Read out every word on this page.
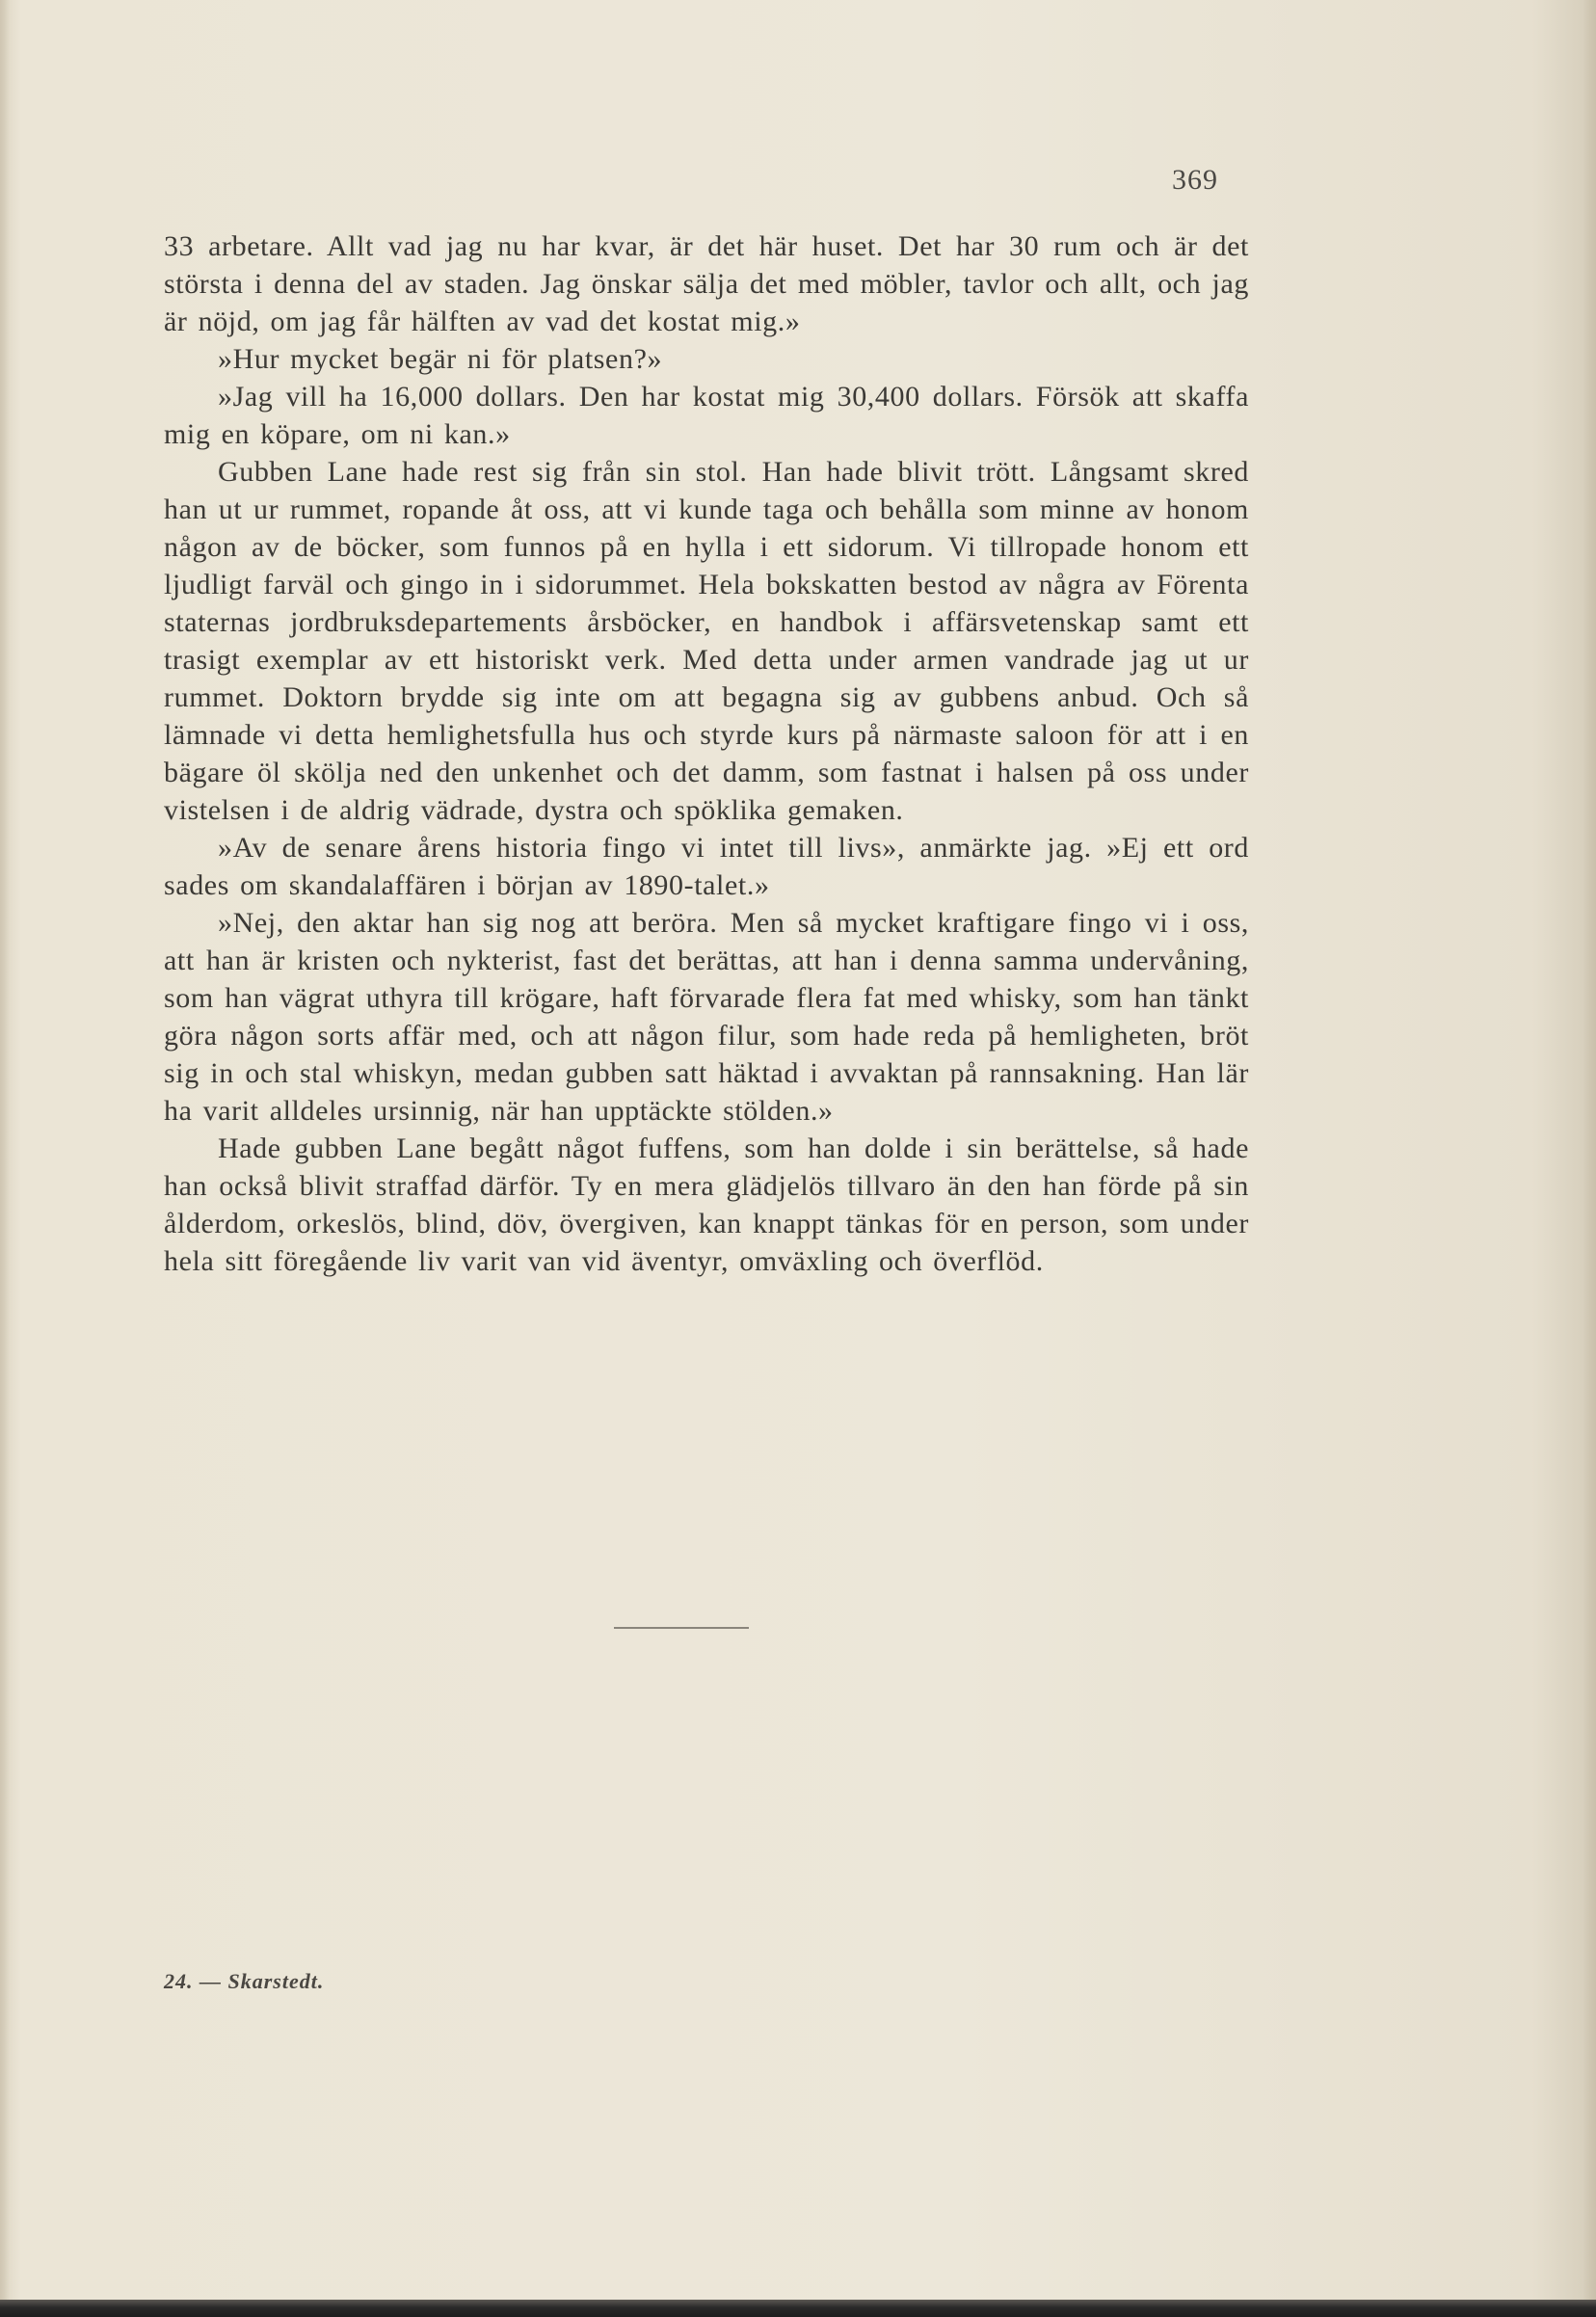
369

33 arbetare. Allt vad jag nu har kvar, är det här huset. Det har 30 rum och är det största i denna del av staden. Jag önskar sälja det med möbler, tavlor och allt, och jag är nöjd, om jag får hälften av vad det kostat mig.»

»Hur mycket begär ni för platsen?»

»Jag vill ha 16,000 dollars. Den har kostat mig 30,400 dollars. Försök att skaffa mig en köpare, om ni kan.»

Gubben Lane hade rest sig från sin stol. Han hade blivit trött. Långsamt skred han ut ur rummet, ropande åt oss, att vi kunde taga och behålla som minne av honom någon av de böcker, som funnos på en hylla i ett sidorum. Vi tillropade honom ett ljudligt farväl och gingo in i sidorummet. Hela bokskatten bestod av några av Förenta staternas jordbruksdepartements årsböcker, en handbok i affärsvetenskap samt ett trasigt exemplar av ett historiskt verk. Med detta under armen vandrade jag ut ur rummet. Doktorn brydde sig inte om att begagna sig av gubbens anbud. Och så lämnade vi detta hemlighetsfulla hus och styrde kurs på närmaste saloon för att i en bägare öl skölja ned den unkenhet och det damm, som fastnat i halsen på oss under vistelsen i de aldrig vädrade, dystra och spöklika gemaken.

»Av de senare årens historia fingo vi intet till livs», anmärkte jag. »Ej ett ord sades om skandalaffären i början av 1890-talet.»

»Nej, den aktar han sig nog att beröra. Men så mycket kraftigare fingo vi i oss, att han är kristen och nykterist, fast det berättas, att han i denna samma undervåning, som han vägrat uthyra till krögare, haft förvarade flera fat med whisky, som han tänkt göra någon sorts affär med, och att någon filur, som hade reda på hemligheten, bröt sig in och stal whiskyn, medan gubben satt häktad i avvaktan på rannsakning. Han lär ha varit alldeles ursinnig, när han upptäckte stölden.»

Hade gubben Lane begått något fuffens, som han dolde i sin berättelse, så hade han också blivit straffad därför. Ty en mera glädjelös tillvaro än den han förde på sin ålderdom, orkeslös, blind, döv, övergiven, kan knappt tänkas för en person, som under hela sitt föregående liv varit van vid äventyr, omväxling och överflöd.

24. — Skarstedt.
